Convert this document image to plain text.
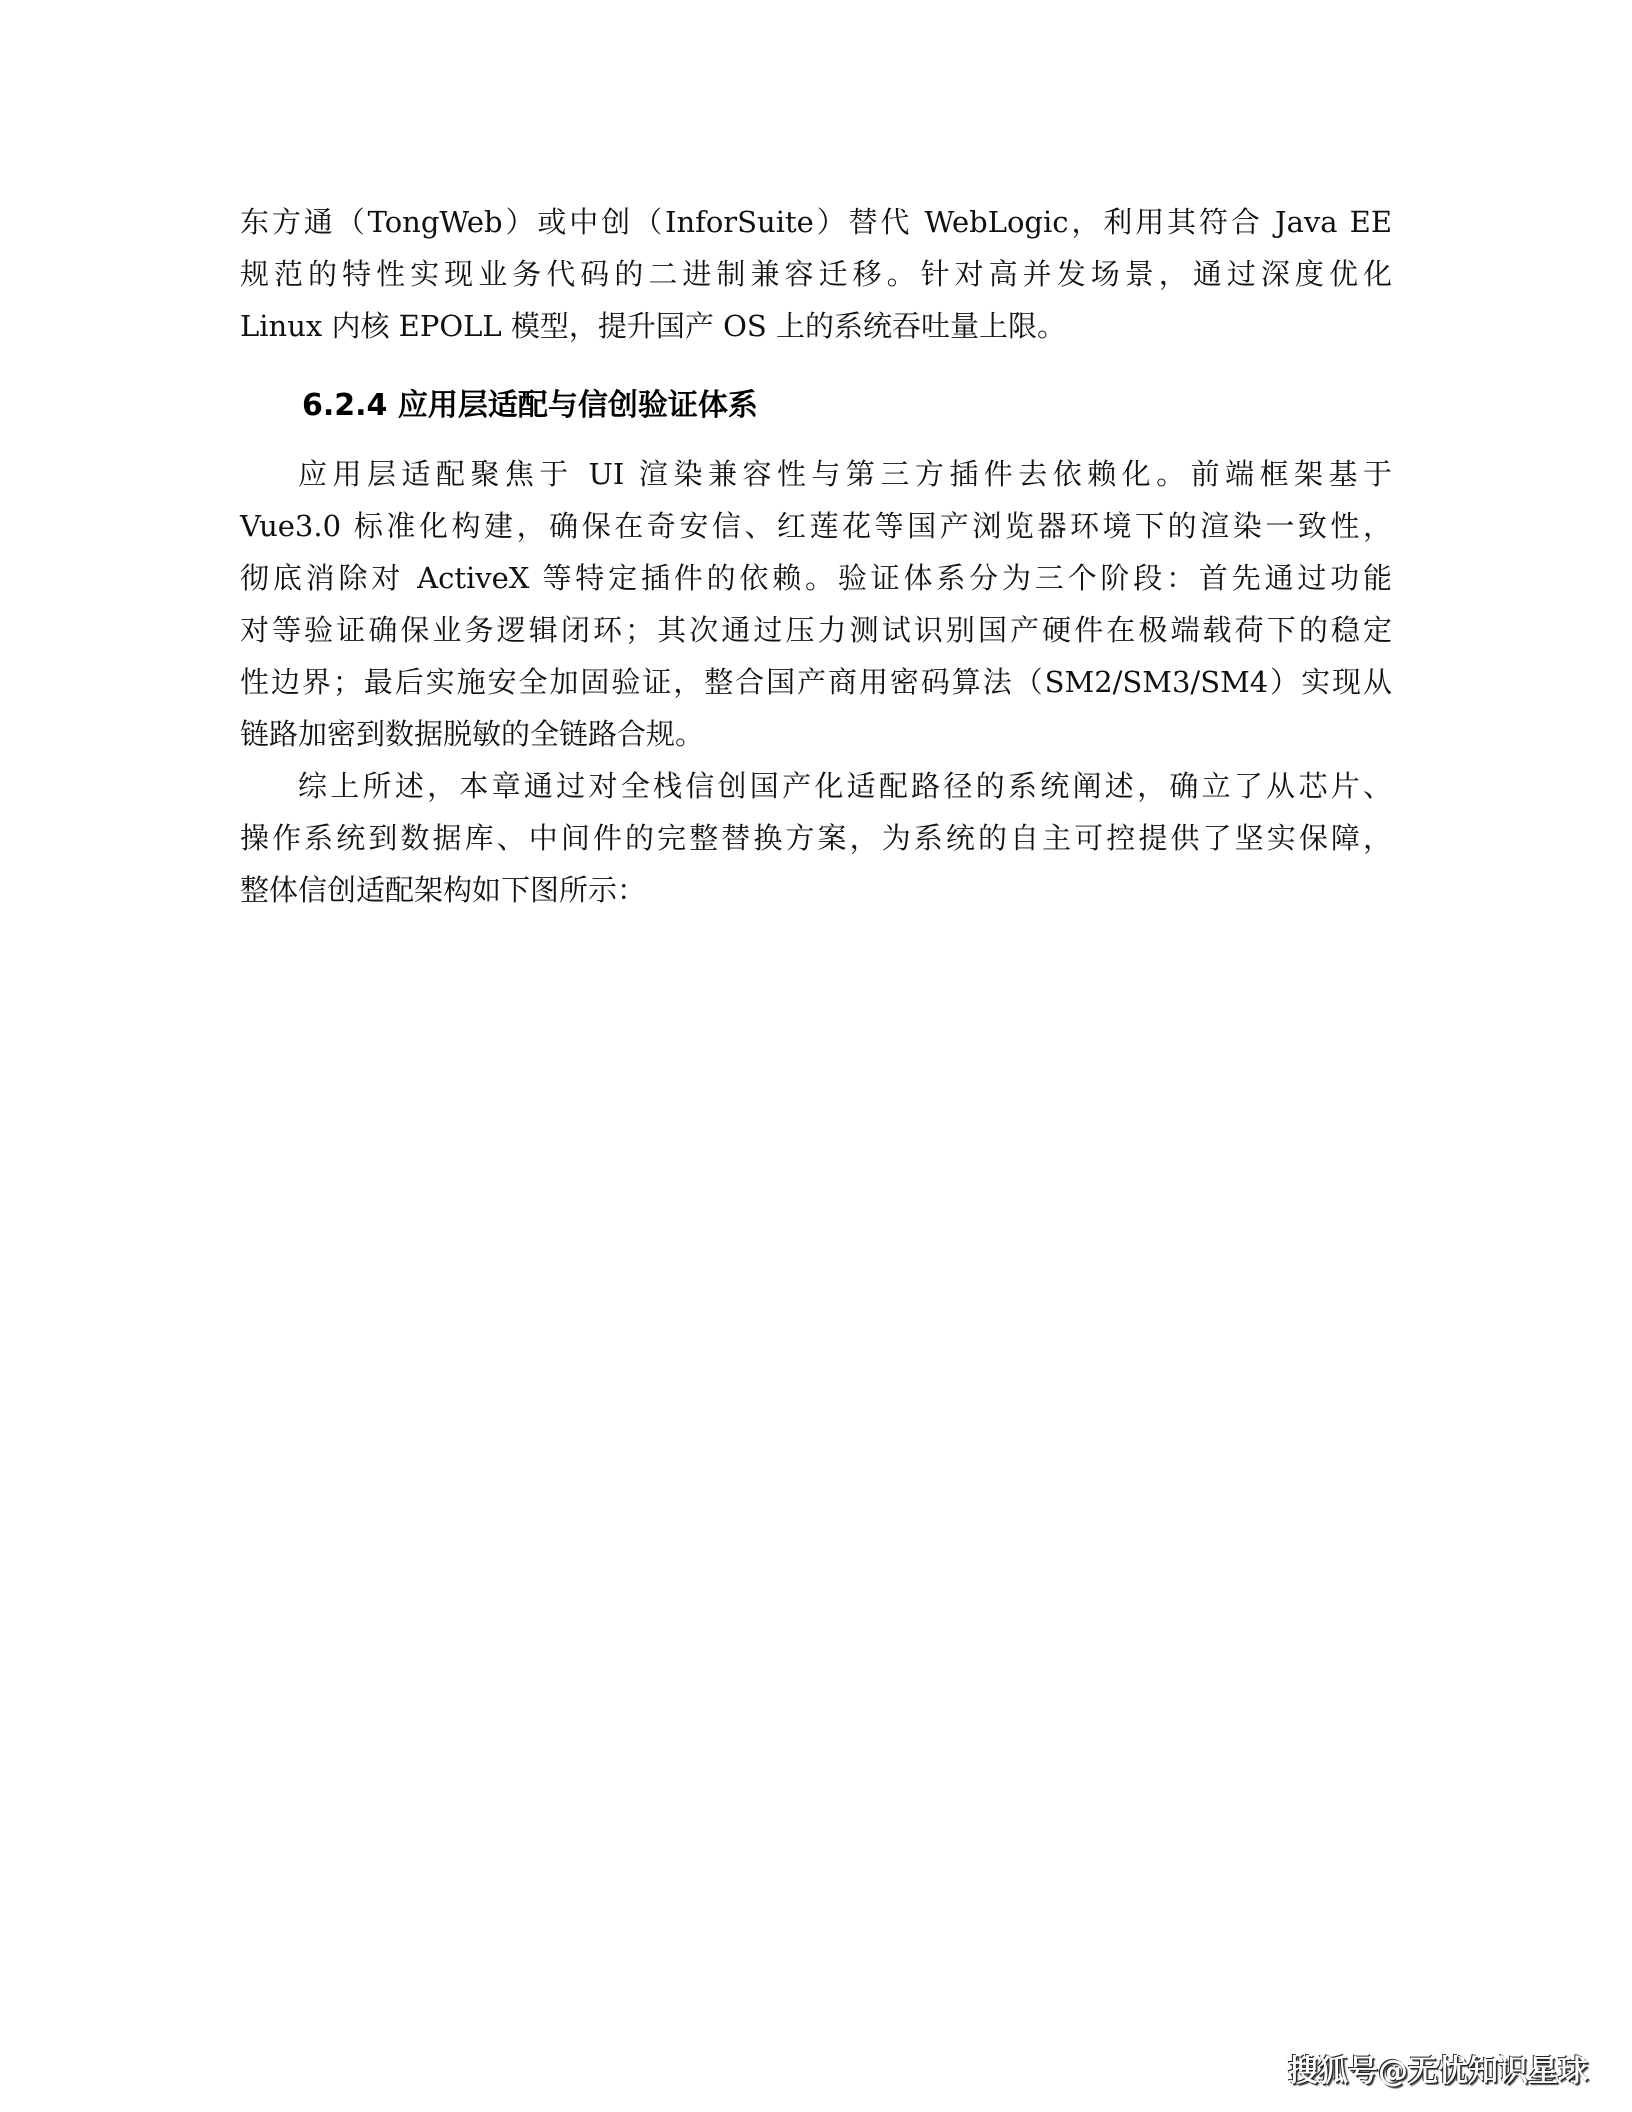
东方通（TongWeb）或中创（InforSuite）替代 WebLogic，利用其符合 Java EE
规范的特性实现业务代码的二进制兼容迁移。针对高并发场景，通过深度优化
Linux 内核 EPOLL 模型，提升国产 OS 上的系统吞吐量上限。
6.2.4 应用层适配与信创验证体系
应用层适配聚焦于 UI 渲染兼容性与第三方插件去依赖化。前端框架基于
Vue3.0 标准化构建，确保在奇安信、红莲花等国产浏览器环境下的渲染一致性，
彻底消除对 ActiveX 等特定插件的依赖。验证体系分为三个阶段：首先通过功能
对等验证确保业务逻辑闭环；其次通过压力测试识别国产硬件在极端载荷下的稳定
性边界；最后实施安全加固验证，整合国产商用密码算法（SM2/SM3/SM4）实现从
链路加密到数据脱敏的全链路合规。
综上所述，本章通过对全栈信创国产化适配路径的系统阐述，确立了从芯片、
操作系统到数据库、中间件的完整替换方案，为系统的自主可控提供了坚实保障，
整体信创适配架构如下图所示：
搜狐号@无忧知识星球
